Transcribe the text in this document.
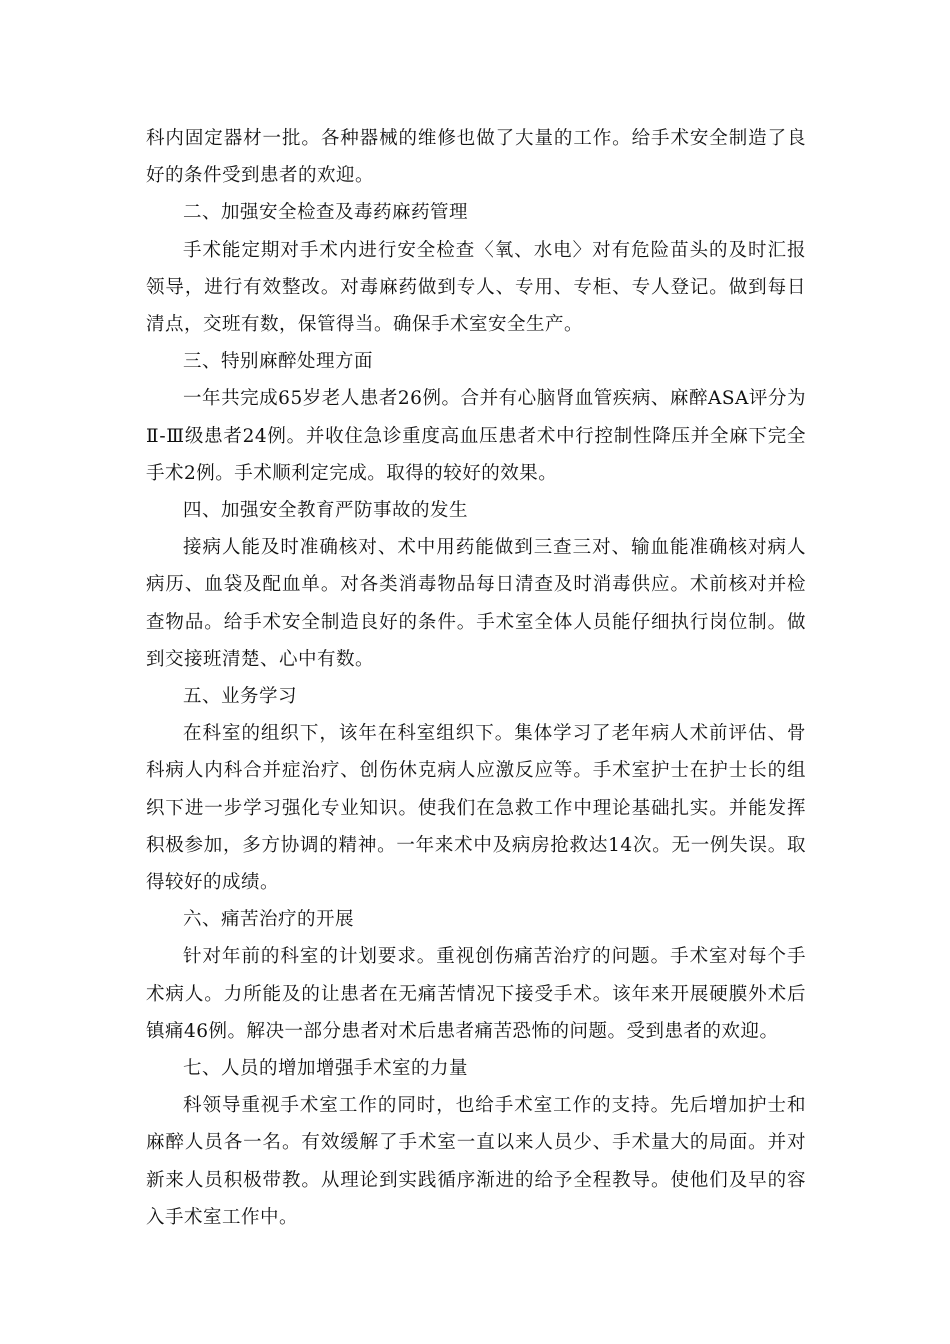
科内固定器材一批。各种器械的维修也做了大量的工作。给手术安全制造了良好的条件受到患者的欢迎。

二、加强安全检查及毒药麻药管理

手术能定期对手术内进行安全检查〈氧、水电〉对有危险苗头的及时汇报领导，进行有效整改。对毒麻药做到专人、专用、专柜、专人登记。做到每日清点，交班有数，保管得当。确保手术室安全生产。

三、特别麻醉处理方面

一年共完成65岁老人患者26例。合并有心脑肾血管疾病、麻醉ASA评分为Ⅱ-Ⅲ级患者24例。并收住急诊重度高血压患者术中行控制性降压并全麻下完全手术2例。手术顺利定完成。取得的较好的效果。

四、加强安全教育严防事故的发生

接病人能及时准确核对、术中用药能做到三查三对、输血能准确核对病人病历、血袋及配血单。对各类消毒物品每日清查及时消毒供应。术前核对并检查物品。给手术安全制造良好的条件。手术室全体人员能仔细执行岗位制。做到交接班清楚、心中有数。

五、业务学习

在科室的组织下，该年在科室组织下。集体学习了老年病人术前评估、骨科病人内科合并症治疗、创伤休克病人应激反应等。手术室护士在护士长的组织下进一步学习强化专业知识。使我们在急救工作中理论基础扎实。并能发挥积极参加，多方协调的精神。一年来术中及病房抢救达14次。无一例失误。取得较好的成绩。

六、痛苦治疗的开展

针对年前的科室的计划要求。重视创伤痛苦治疗的问题。手术室对每个手术病人。力所能及的让患者在无痛苦情况下接受手术。该年来开展硬膜外术后镇痛46例。解决一部分患者对术后患者痛苦恐怖的问题。受到患者的欢迎。

七、人员的增加增强手术室的力量

科领导重视手术室工作的同时，也给手术室工作的支持。先后增加护士和麻醉人员各一名。有效缓解了手术室一直以来人员少、手术量大的局面。并对新来人员积极带教。从理论到实践循序渐进的给予全程教导。使他们及早的容入手术室工作中。
